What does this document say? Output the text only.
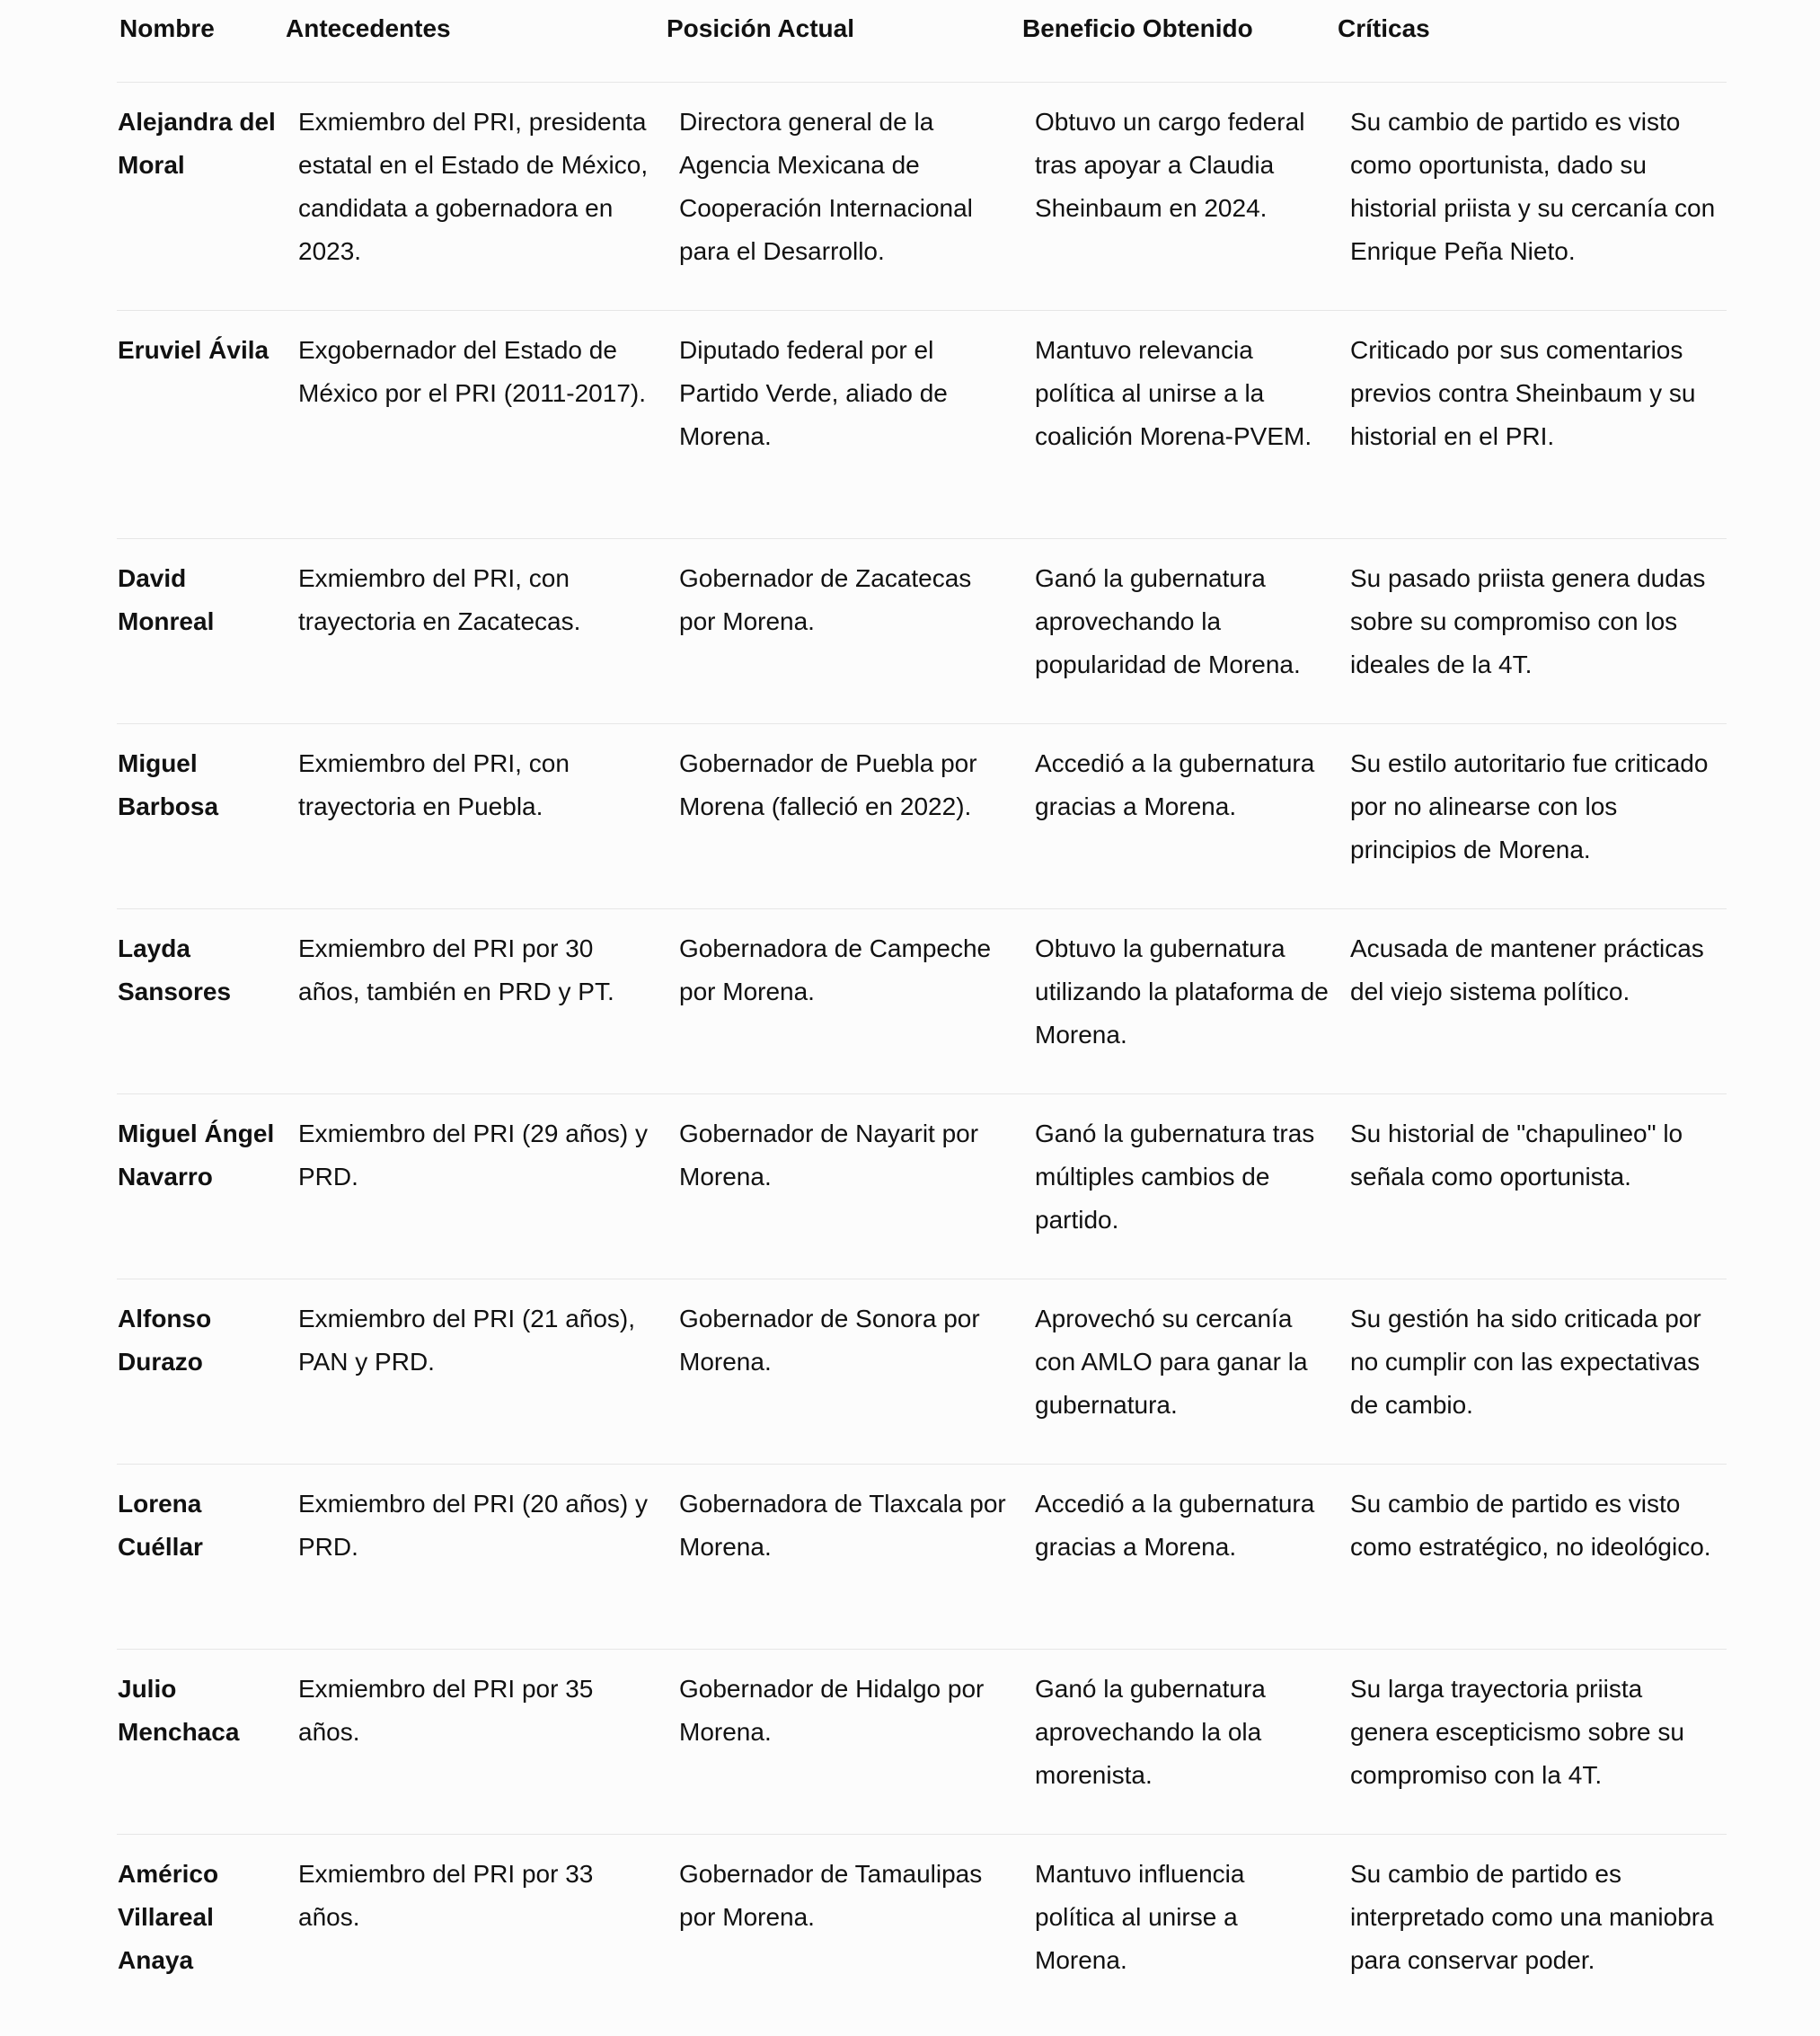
Nombre	Antecedentes	Posición Actual	Beneficio Obtenido	Críticas
Alejandra del Moral	Exmiembro del PRI, presidenta estatal en el Estado de México, candidata a gobernadora en 2023.	Directora general de la Agencia Mexicana de Cooperación Internacional para el Desarrollo.	Obtuvo un cargo federal tras apoyar a Claudia Sheinbaum en 2024.	Su cambio de partido es visto como oportunista, dado su historial priista y su cercanía con Enrique Peña Nieto.
Eruviel Ávila	Exgobernador del Estado de México por el PRI (2011-2017).	Diputado federal por el Partido Verde, aliado de Morena.	Mantuvo relevancia política al unirse a la coalición Morena-PVEM.	Criticado por sus comentarios previos contra Sheinbaum y su historial en el PRI.
David Monreal	Exmiembro del PRI, con trayectoria en Zacatecas.	Gobernador de Zacatecas por Morena.	Ganó la gubernatura aprovechando la popularidad de Morena.	Su pasado priista genera dudas sobre su compromiso con los ideales de la 4T.
Miguel Barbosa	Exmiembro del PRI, con trayectoria en Puebla.	Gobernador de Puebla por Morena (falleció en 2022).	Accedió a la gubernatura gracias a Morena.	Su estilo autoritario fue criticado por no alinearse con los principios de Morena.
Layda Sansores	Exmiembro del PRI por 30 años, también en PRD y PT.	Gobernadora de Campeche por Morena.	Obtuvo la gubernatura utilizando la plataforma de Morena.	Acusada de mantener prácticas del viejo sistema político.
Miguel Ángel Navarro	Exmiembro del PRI (29 años) y PRD.	Gobernador de Nayarit por Morena.	Ganó la gubernatura tras múltiples cambios de partido.	Su historial de "chapulineo" lo señala como oportunista.
Alfonso Durazo	Exmiembro del PRI (21 años), PAN y PRD.	Gobernador de Sonora por Morena.	Aprovechó su cercanía con AMLO para ganar la gubernatura.	Su gestión ha sido criticada por no cumplir con las expectativas de cambio.
Lorena Cuéllar	Exmiembro del PRI (20 años) y PRD.	Gobernadora de Tlaxcala por Morena.	Accedió a la gubernatura gracias a Morena.	Su cambio de partido es visto como estratégico, no ideológico.
Julio Menchaca	Exmiembro del PRI por 35 años.	Gobernador de Hidalgo por Morena.	Ganó la gubernatura aprovechando la ola morenista.	Su larga trayectoria priista genera escepticismo sobre su compromiso con la 4T.
Américo Villareal Anaya	Exmiembro del PRI por 33 años.	Gobernador de Tamaulipas por Morena.	Mantuvo influencia política al unirse a Morena.	Su cambio de partido es interpretado como una maniobra para conservar poder.
